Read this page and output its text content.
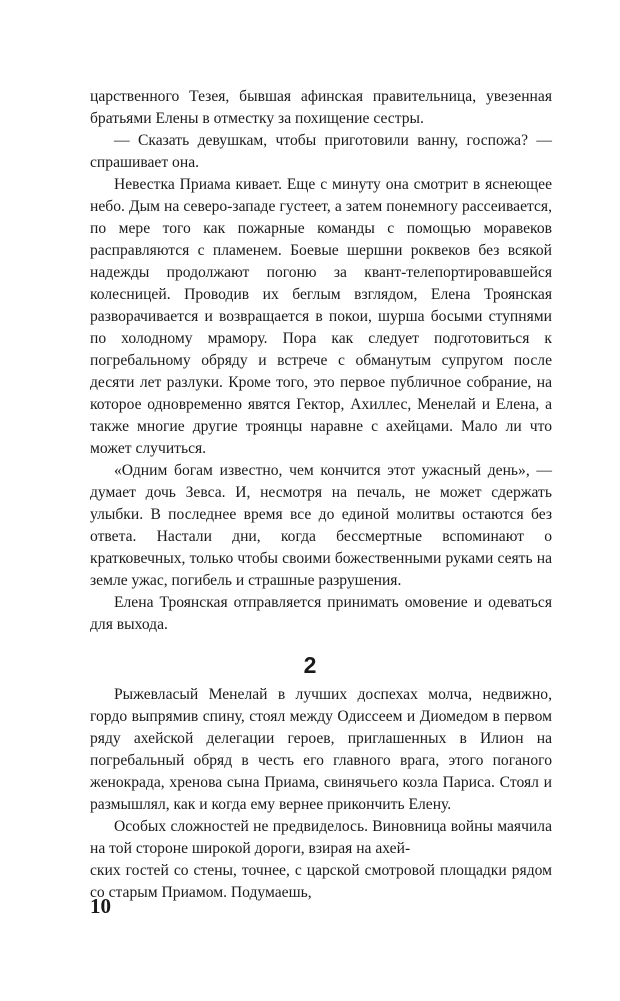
царственного Тезея, бывшая афинская правительница, увезенная братьями Елены в отместку за похищение сестры.

— Сказать девушкам, чтобы приготовили ванну, госпожа? — спрашивает она.

Невестка Приама кивает. Еще с минуту она смотрит в яснеющее небо. Дым на северо-западе густеет, а затем понемногу рассеивается, по мере того как пожарные команды с помощью моравеков расправляются с пламенем. Боевые шершни роквеков без всякой надежды продолжают погоню за квант-телепортировавшейся колесницей. Проводив их беглым взглядом, Елена Троянская разворачивается и возвращается в покои, шурша босыми ступнями по холодному мрамору. Пора как следует подготовиться к погребальному обряду и встрече с обманутым супругом после десяти лет разлуки. Кроме того, это первое публичное собрание, на которое одновременно явятся Гектор, Ахиллес, Менелай и Елена, а также многие другие троянцы наравне с ахейцами. Мало ли что может случиться.

«Одним богам известно, чем кончится этот ужасный день», — думает дочь Зевса. И, несмотря на печаль, не может сдержать улыбки. В последнее время все до единой молитвы остаются без ответа. Настали дни, когда бессмертные вспоминают о кратковечных, только чтобы своими божественными руками сеять на земле ужас, погибель и страшные разрушения.

Елена Троянская отправляется принимать омовение и одеваться для выхода.

2

Рыжевласый Менелай в лучших доспехах молча, недвижно, гордо выпрямив спину, стоял между Одиссеем и Диомедом в первом ряду ахейской делегации героев, приглашенных в Илион на погребальный обряд в честь его главного врага, этого поганого женокрада, хренова сына Приама, свинячьего козла Париса. Стоял и размышлял, как и когда ему вернее прикончить Елену.

Особых сложностей не предвиделось. Виновница войны маячила на той стороне широкой дороги, взирая на ахей-

ских гостей со стены, точнее, с царской смотровой площадки рядом со старым Приамом. Подумаешь,

10
